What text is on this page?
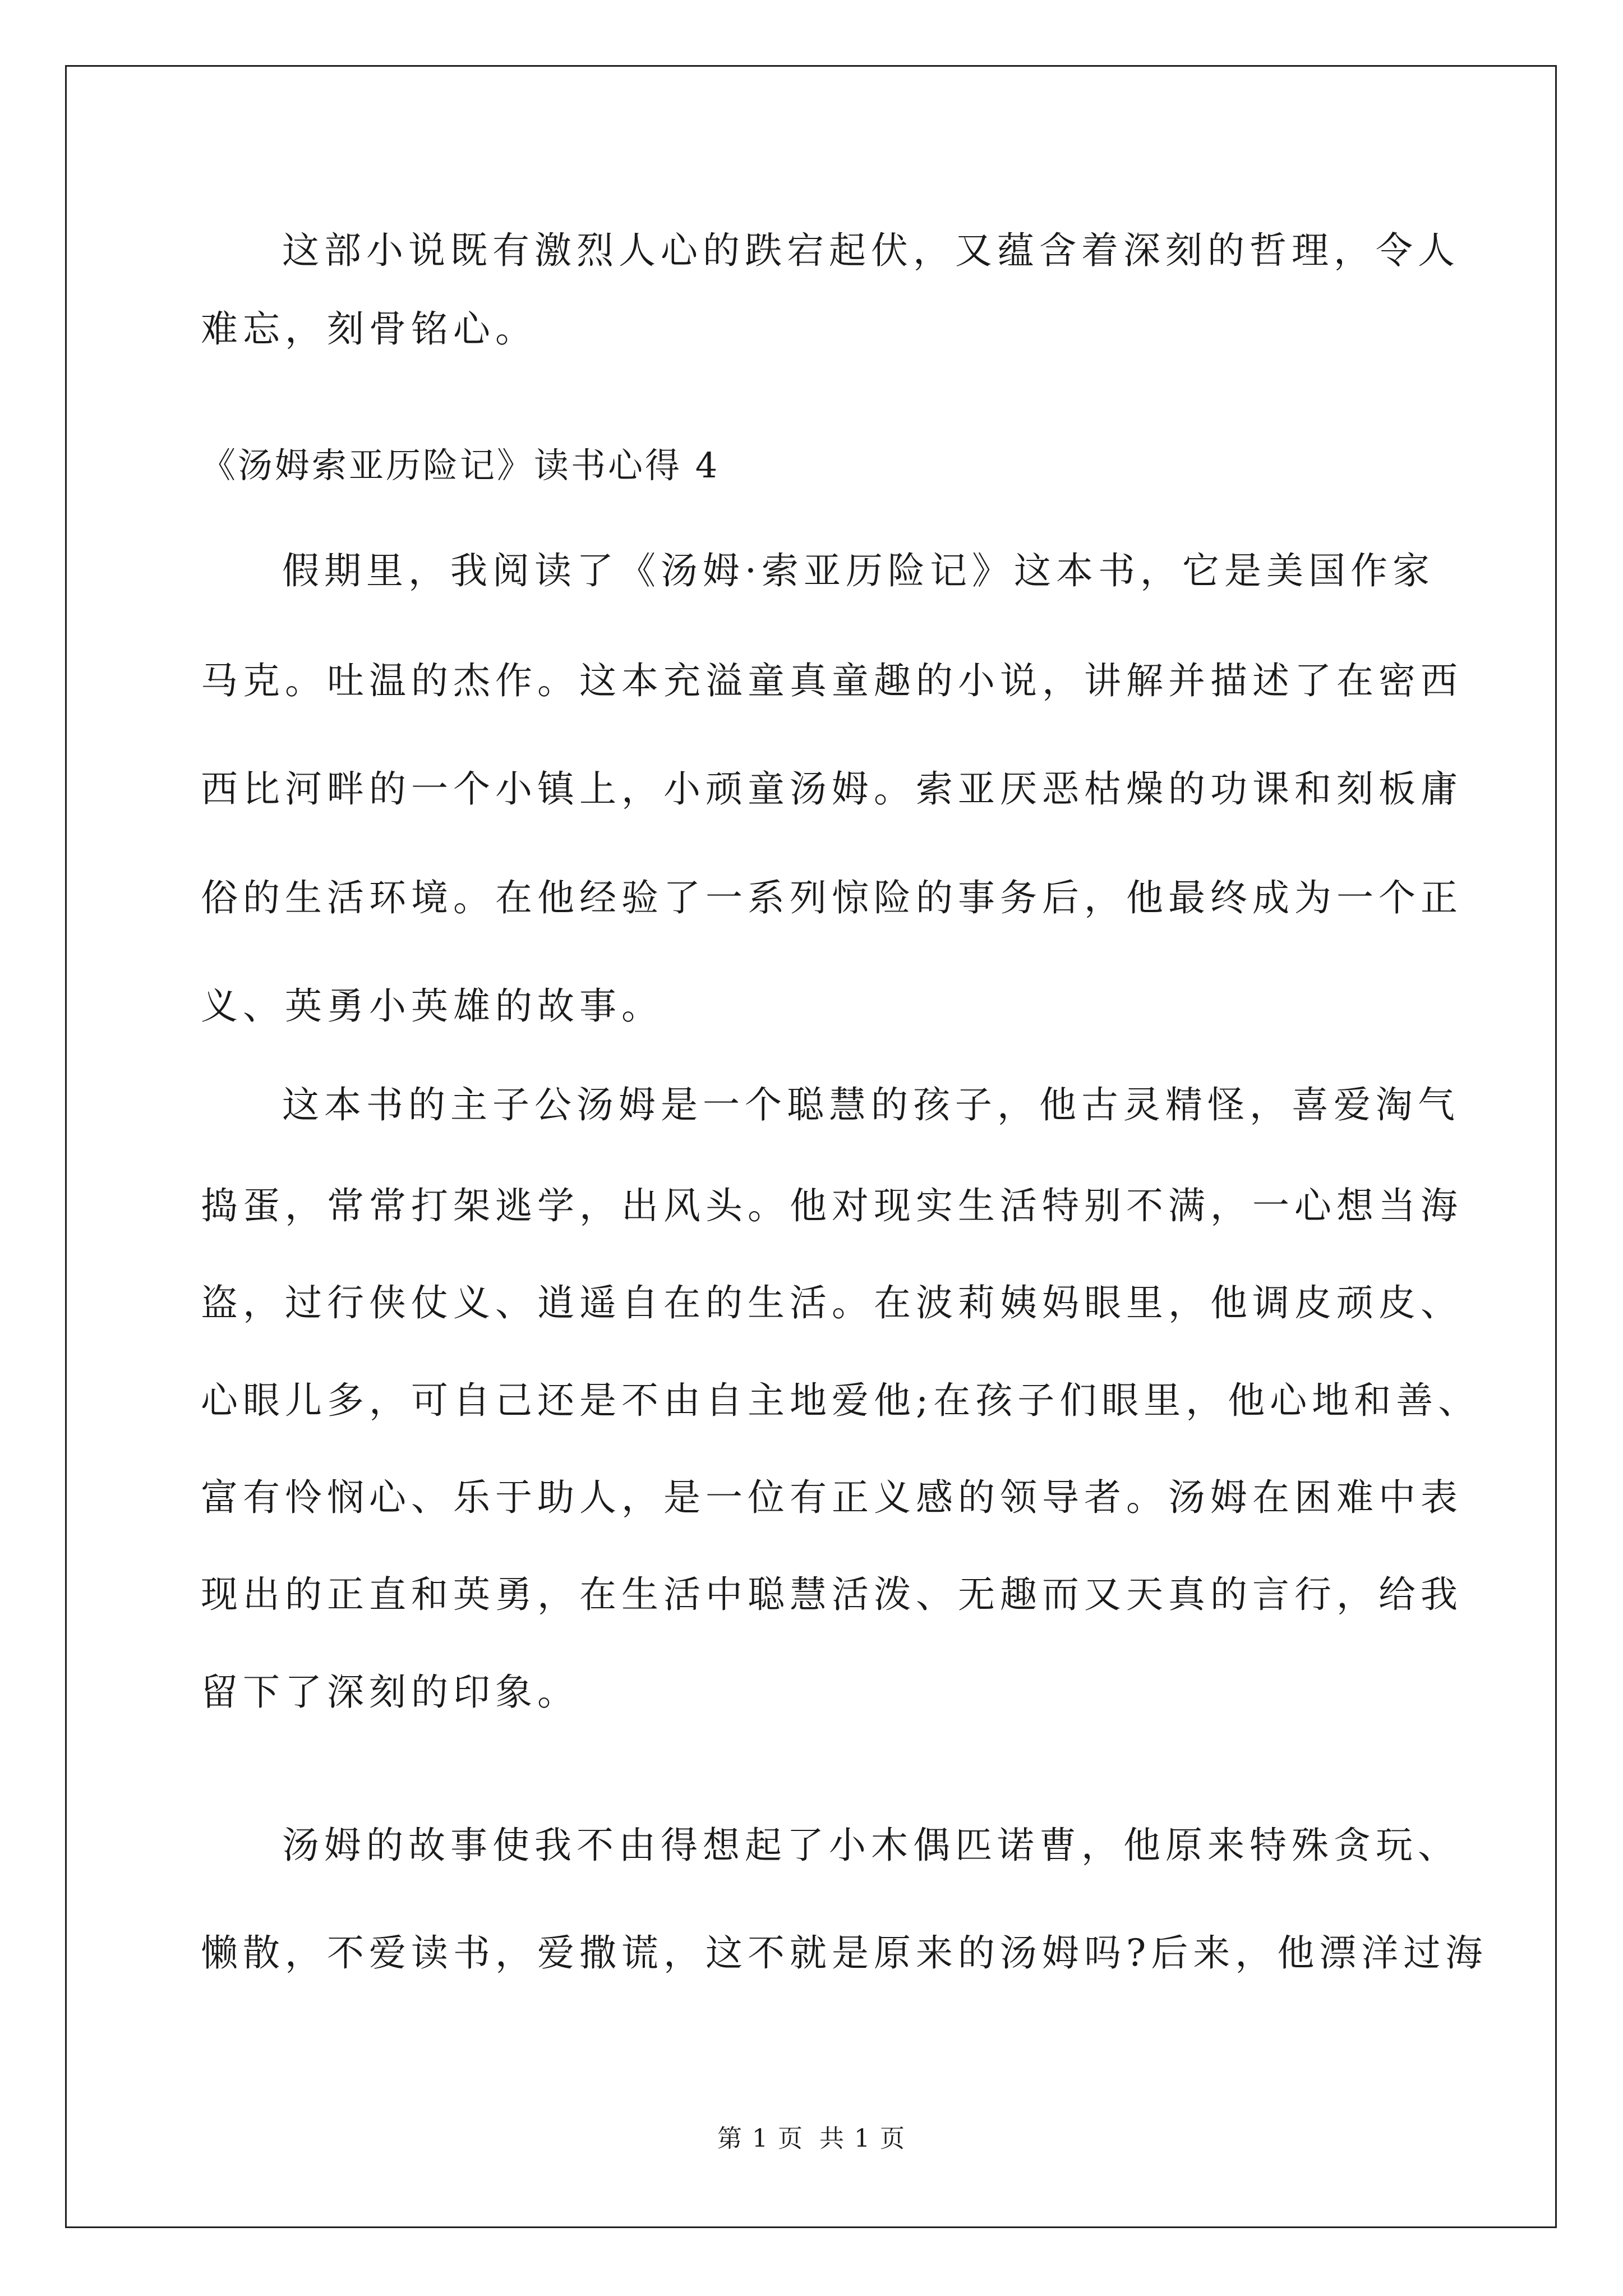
这部小说既有激烈人心的跌宕起伏，又蕴含着深刻的哲理，令人
难忘，刻骨铭心。
《汤姆索亚历险记》读书心得 4
假期里，我阅读了《汤姆·索亚历险记》这本书，它是美国作家
马克。吐温的杰作。这本充溢童真童趣的小说，讲解并描述了在密西
西比河畔的一个小镇上，小顽童汤姆。索亚厌恶枯燥的功课和刻板庸
俗的生活环境。在他经验了一系列惊险的事务后，他最终成为一个正
义、英勇小英雄的故事。
这本书的主子公汤姆是一个聪慧的孩子，他古灵精怪，喜爱淘气
捣蛋，常常打架逃学，出风头。他对现实生活特别不满，一心想当海
盗，过行侠仗义、逍遥自在的生活。在波莉姨妈眼里，他调皮顽皮、
心眼儿多，可自己还是不由自主地爱他;在孩子们眼里，他心地和善、
富有怜悯心、乐于助人，是一位有正义感的领导者。汤姆在困难中表
现出的正直和英勇，在生活中聪慧活泼、无趣而又天真的言行，给我
留下了深刻的印象。
汤姆的故事使我不由得想起了小木偶匹诺曹，他原来特殊贪玩、
懒散，不爱读书，爱撒谎，这不就是原来的汤姆吗?后来，他漂洋过海
第 1 页 共 1 页
